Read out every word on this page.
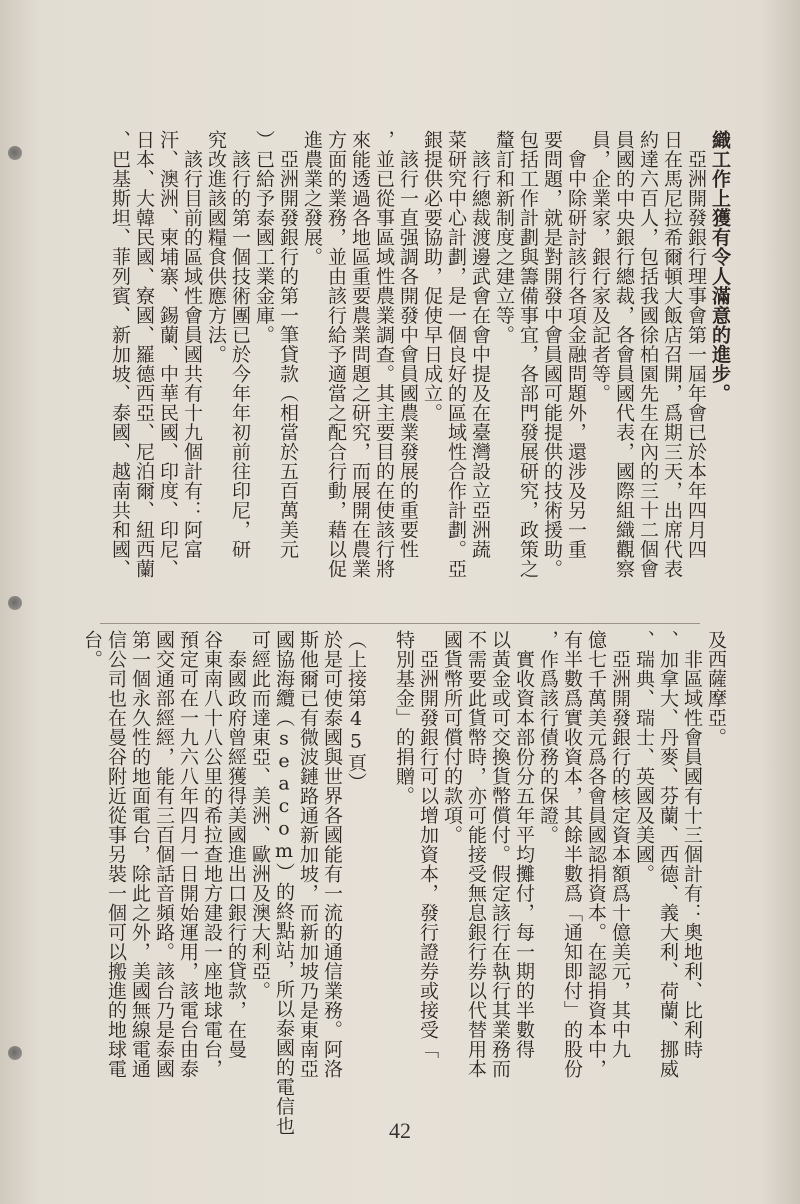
織工作上獲有令人滿意的進步。
　亞洲開發銀行理事會第一屆年會已於本年四月四
日在馬尼拉希爾頓大飯店召開，爲期三天，出席代表
約達六百人，包括我國徐柏園先生在內的三十二個會
員國的中央銀行總裁，各會員國代表，國際組織觀察
員，企業家，銀行家及記者等。
　會中除研討該行各項金融問題外，還涉及另一重
要問題，就是對開發中會員國可能提供的技術援助。
包括工作計劃與籌備事宜，各部門發展研究，政策之
釐訂和新制度之建立等。
　該行總裁渡邊武會在會中提及在臺灣設立亞洲蔬
菜研究中心計劃，是一個良好的區域性合作計劃。亞
銀提供必要協助，促使早日成立。
　該行一直强調各開發中會員國農業發展的重要性
，並已從事區域性農業調查。其主要目的在使該行將
來能透過各地區重要農業問題之研究，而展開在農業
方面的業務，並由該行給予適當之配合行動，藉以促
進農業之發展。
　亞洲開發銀行的第一筆貸款（相當於五百萬美元
）已給予泰國工業金庫。
　該行的第一個技術團已於今年年初前往印尼，研
究改進該國糧食供應方法。
　該行目前的區域性會員國共有十九個計有：阿富
汗、澳洲、柬埔寨、錫蘭、中華民國、印度、印尼、
日本、大韓民國、寮國、羅德西亞、尼泊爾、紐西蘭
、巴基斯坦、菲列賓、新加坡、泰國、越南共和國、
及西薩摩亞。
　非區域性會員國有十三個計有：奧地利、比利時
、加拿大、丹麥、芬蘭、西德、義大利、荷蘭、挪威
、瑞典、瑞士、英國及美國。
　亞洲開發銀行的核定資本額爲十億美元，其中九
億七千萬美元爲各會員國認捐資本。在認捐資本中，
有半數爲實收資本，其餘半數爲「通知即付」的股份
，作爲該行債務的保證。
　實收資本部份分五年平均攤付，每一期的半數得
以黃金或可交換貨幣償付。假定該行在執行其業務而
不需要此貨幣時，亦可能接受無息銀行券以代替用本
國貨幣所可償付的款項。
　亞洲開發銀行可以增加資本，發行證券或接受「
特別基金」的捐贈。

（上接第45頁）
於是可使泰國與世界各國能有一流的通信業務。阿洛
斯他爾已有微波鏈路通新加坡，而新加坡乃是東南亞
國協海纜（seacom）的終點站，所以泰國的電信也
可經此而達東亞、美洲、歐洲及澳大利亞。
　泰國政府曾經獲得美國進出口銀行的貸款，在曼
谷東南八十八公里的希拉查地方建設一座地球電台，
預定可在一九六八年四月一日開始運用，該電台由泰
國交通部經經，能有三百個話音頻路。該台乃是泰國
第一個永久性的地面電台，除此之外，美國無線電通
信公司也在曼谷附近從事另裝一個可以搬進的地球電
台。
42
